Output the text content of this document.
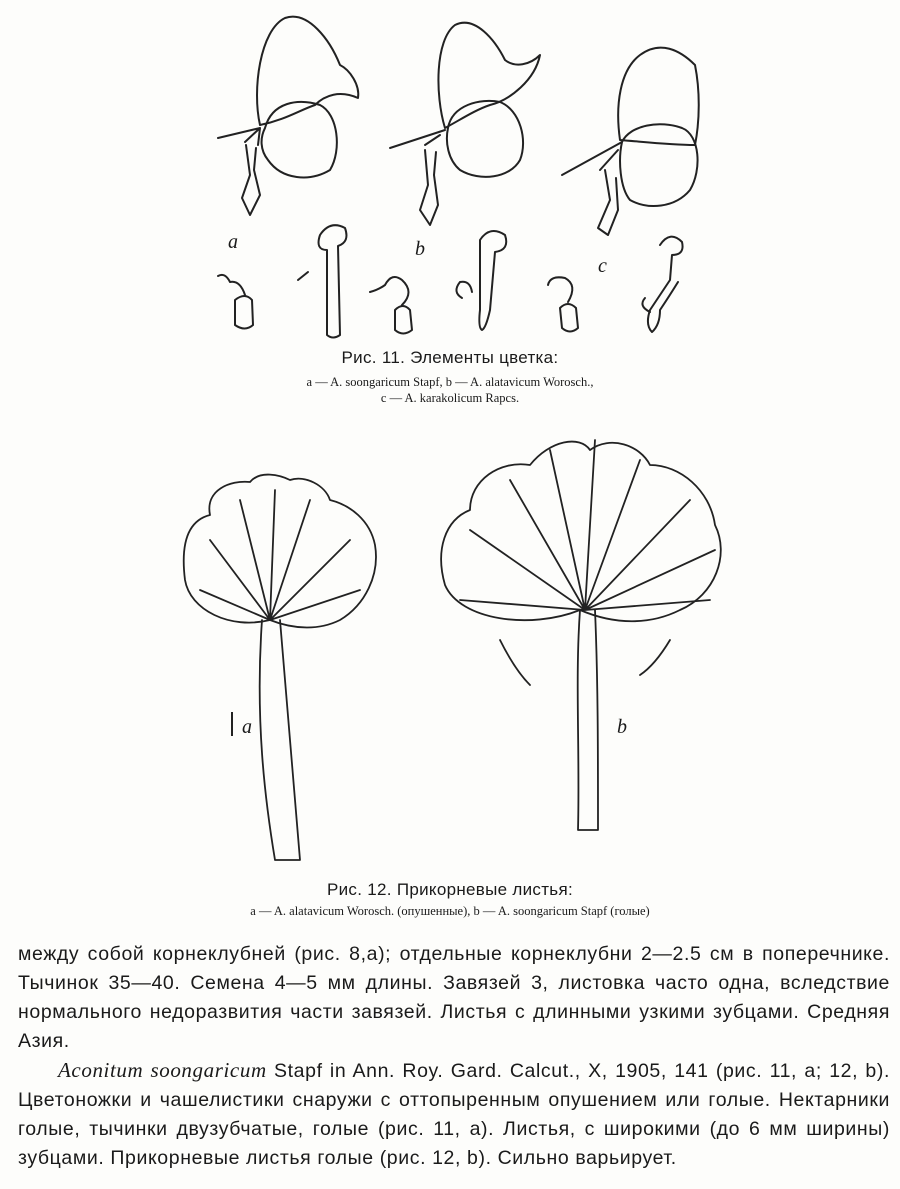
a	b
c
Рис. 11. Элементы цветка:
a — A. soongaricum Stapf, b — A. alatavicum Worosch.,
c — A. karakolicum Rapcs.
a	b
Рис. 12. Прикорневые листья:
a — A. alatavicum Worosch. (опушенные), b — A. soongaricum Stapf (голые)

между собой корнеклубней (рис. 8,a); отдельные корнеклубни 2—2.5 см в поперечнике. Тычинок 35—40. Семена 4—5 мм длины. Завязей 3, листовка часто одна, вследствие нормального недоразвития части завязей. Листья с длинными узкими зубцами. Средняя Азия.

Aconitum soongaricum Stapf in Ann. Roy. Gard. Calcut., X, 1905, 141 (рис. 11, a; 12, b). Цветоножки и чашелистики снаружи с оттопыренным опушением или голые. Нектарники голые, тычинки двузубчатые, голые (рис. 11, a). Листья, с широкими (до 6 мм ширины) зубцами. Прикорневые листья голые (рис. 12, b). Сильно варьирует.
